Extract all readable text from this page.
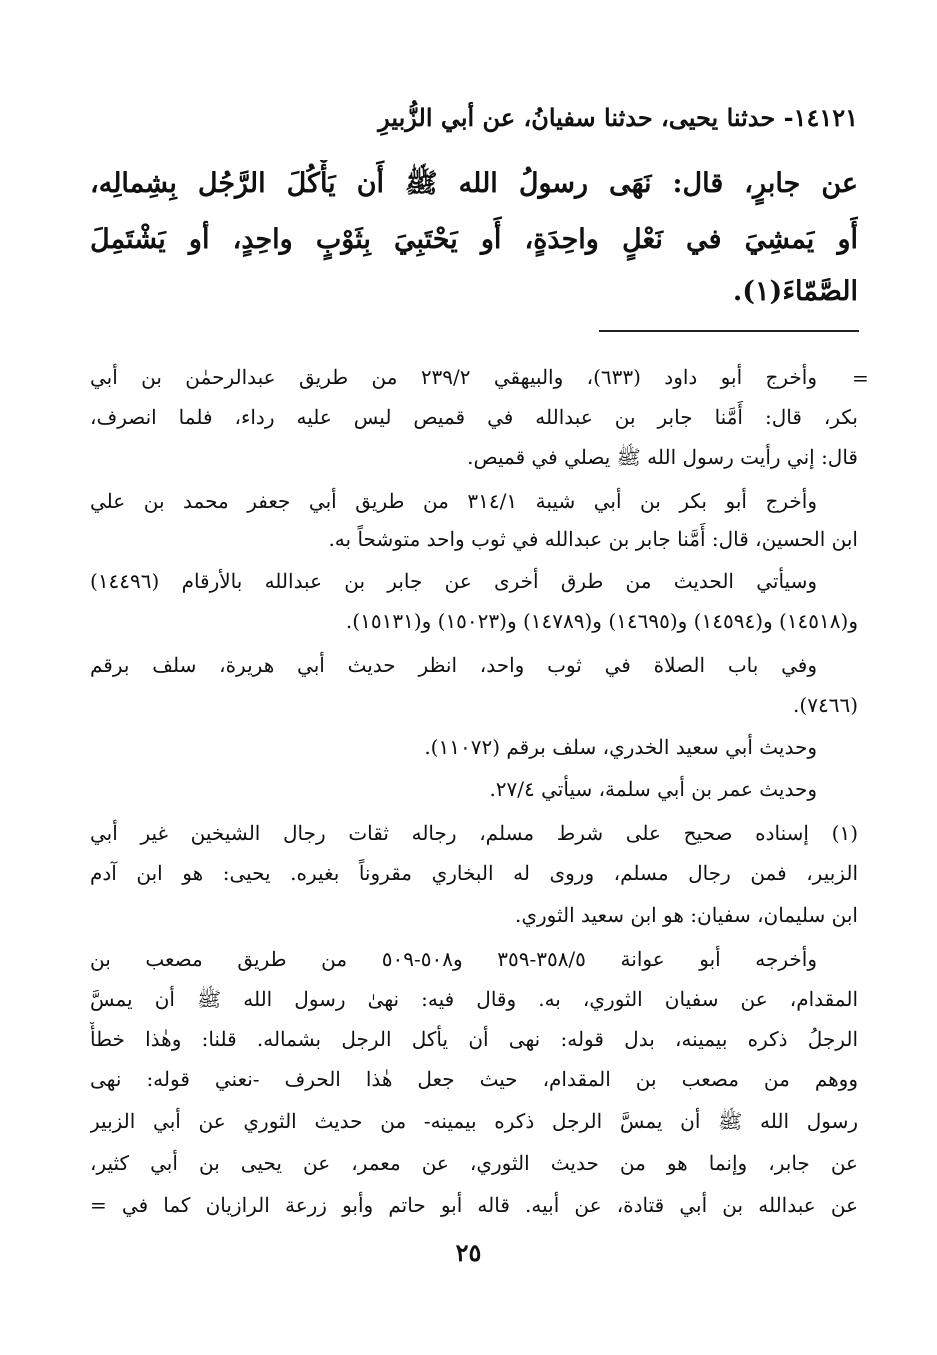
١٤١٢١- حدثنا يحيى، حدثنا سفيانُ، عن أبي الزُّبيرِ
عن جابرٍ، قال: نَهَى رسولُ الله ﷺ أَن يَأْكُلَ الرَّجُل بِشِمالِه،
أَو يَمشِيَ في نَعْلٍ واحِدَةٍ، أَو يَحْتَبِيَ بِثَوْبٍ واحِدٍ، أو يَشْتَمِلَ
الصَّمّاءَ(١).
=
وأخرج أبو داود (٦٣٣)، والبيهقي ٢٣٩/٢ من طريق عبدالرحمٰن بن أبي
بكر، قال: أَمَّنا جابر بن عبدالله في قميص ليس عليه رداء، فلما انصرف،
قال: إني رأيت رسول الله ﷺ يصلي في قميص.
وأخرج أبو بكر بن أبي شيبة ٣١٤/١ من طريق أبي جعفر محمد بن علي
ابن الحسين، قال: أَمَّنا جابر بن عبدالله في ثوب واحد متوشحاً به.
وسيأتي الحديث من طرق أخرى عن جابر بن عبدالله بالأرقام (١٤٤٩٦)
و(١٤٥١٨) و(١٤٥٩٤) و(١٤٦٩٥) و(١٤٧٨٩) و(١٥٠٢٣) و(١٥١٣١).
وفي باب الصلاة في ثوب واحد، انظر حديث أبي هريرة، سلف برقم
(٧٤٦٦).
وحديث أبي سعيد الخدري، سلف برقم (١١٠٧٢).
وحديث عمر بن أبي سلمة، سيأتي ٢٧/٤.
(١) إسناده صحيح على شرط مسلم، رجاله ثقات رجال الشيخين غير أبي
الزبير، فمن رجال مسلم، وروى له البخاري مقروناً بغيره. يحيى: هو ابن آدم
ابن سليمان، سفيان: هو ابن سعيد الثوري.
وأخرجه أبو عوانة ٣٥٨/٥-٣٥٩ و٥٠٨-٥٠٩ من طريق مصعب بن
المقدام، عن سفيان الثوري، به. وقال فيه: نهىٰ رسول الله ﷺ أن يمسَّ
الرجلُ ذكره بيمينه، بدل قوله: نهى أن يأكل الرجل بشماله. قلنا: وهٰذا خطأٌ
ووهم من مصعب بن المقدام، حيث جعل هٰذا الحرف -نعني قوله: نهى
رسول الله ﷺ أن يمسَّ الرجل ذكره بيمينه- من حديث الثوري عن أبي الزبير
عن جابر، وإنما هو من حديث الثوري، عن معمر، عن يحيى بن أبي كثير،
عن عبدالله بن أبي قتادة، عن أبيه. قاله أبو حاتم وأبو زرعة الرازيان كما في =
٢٥
